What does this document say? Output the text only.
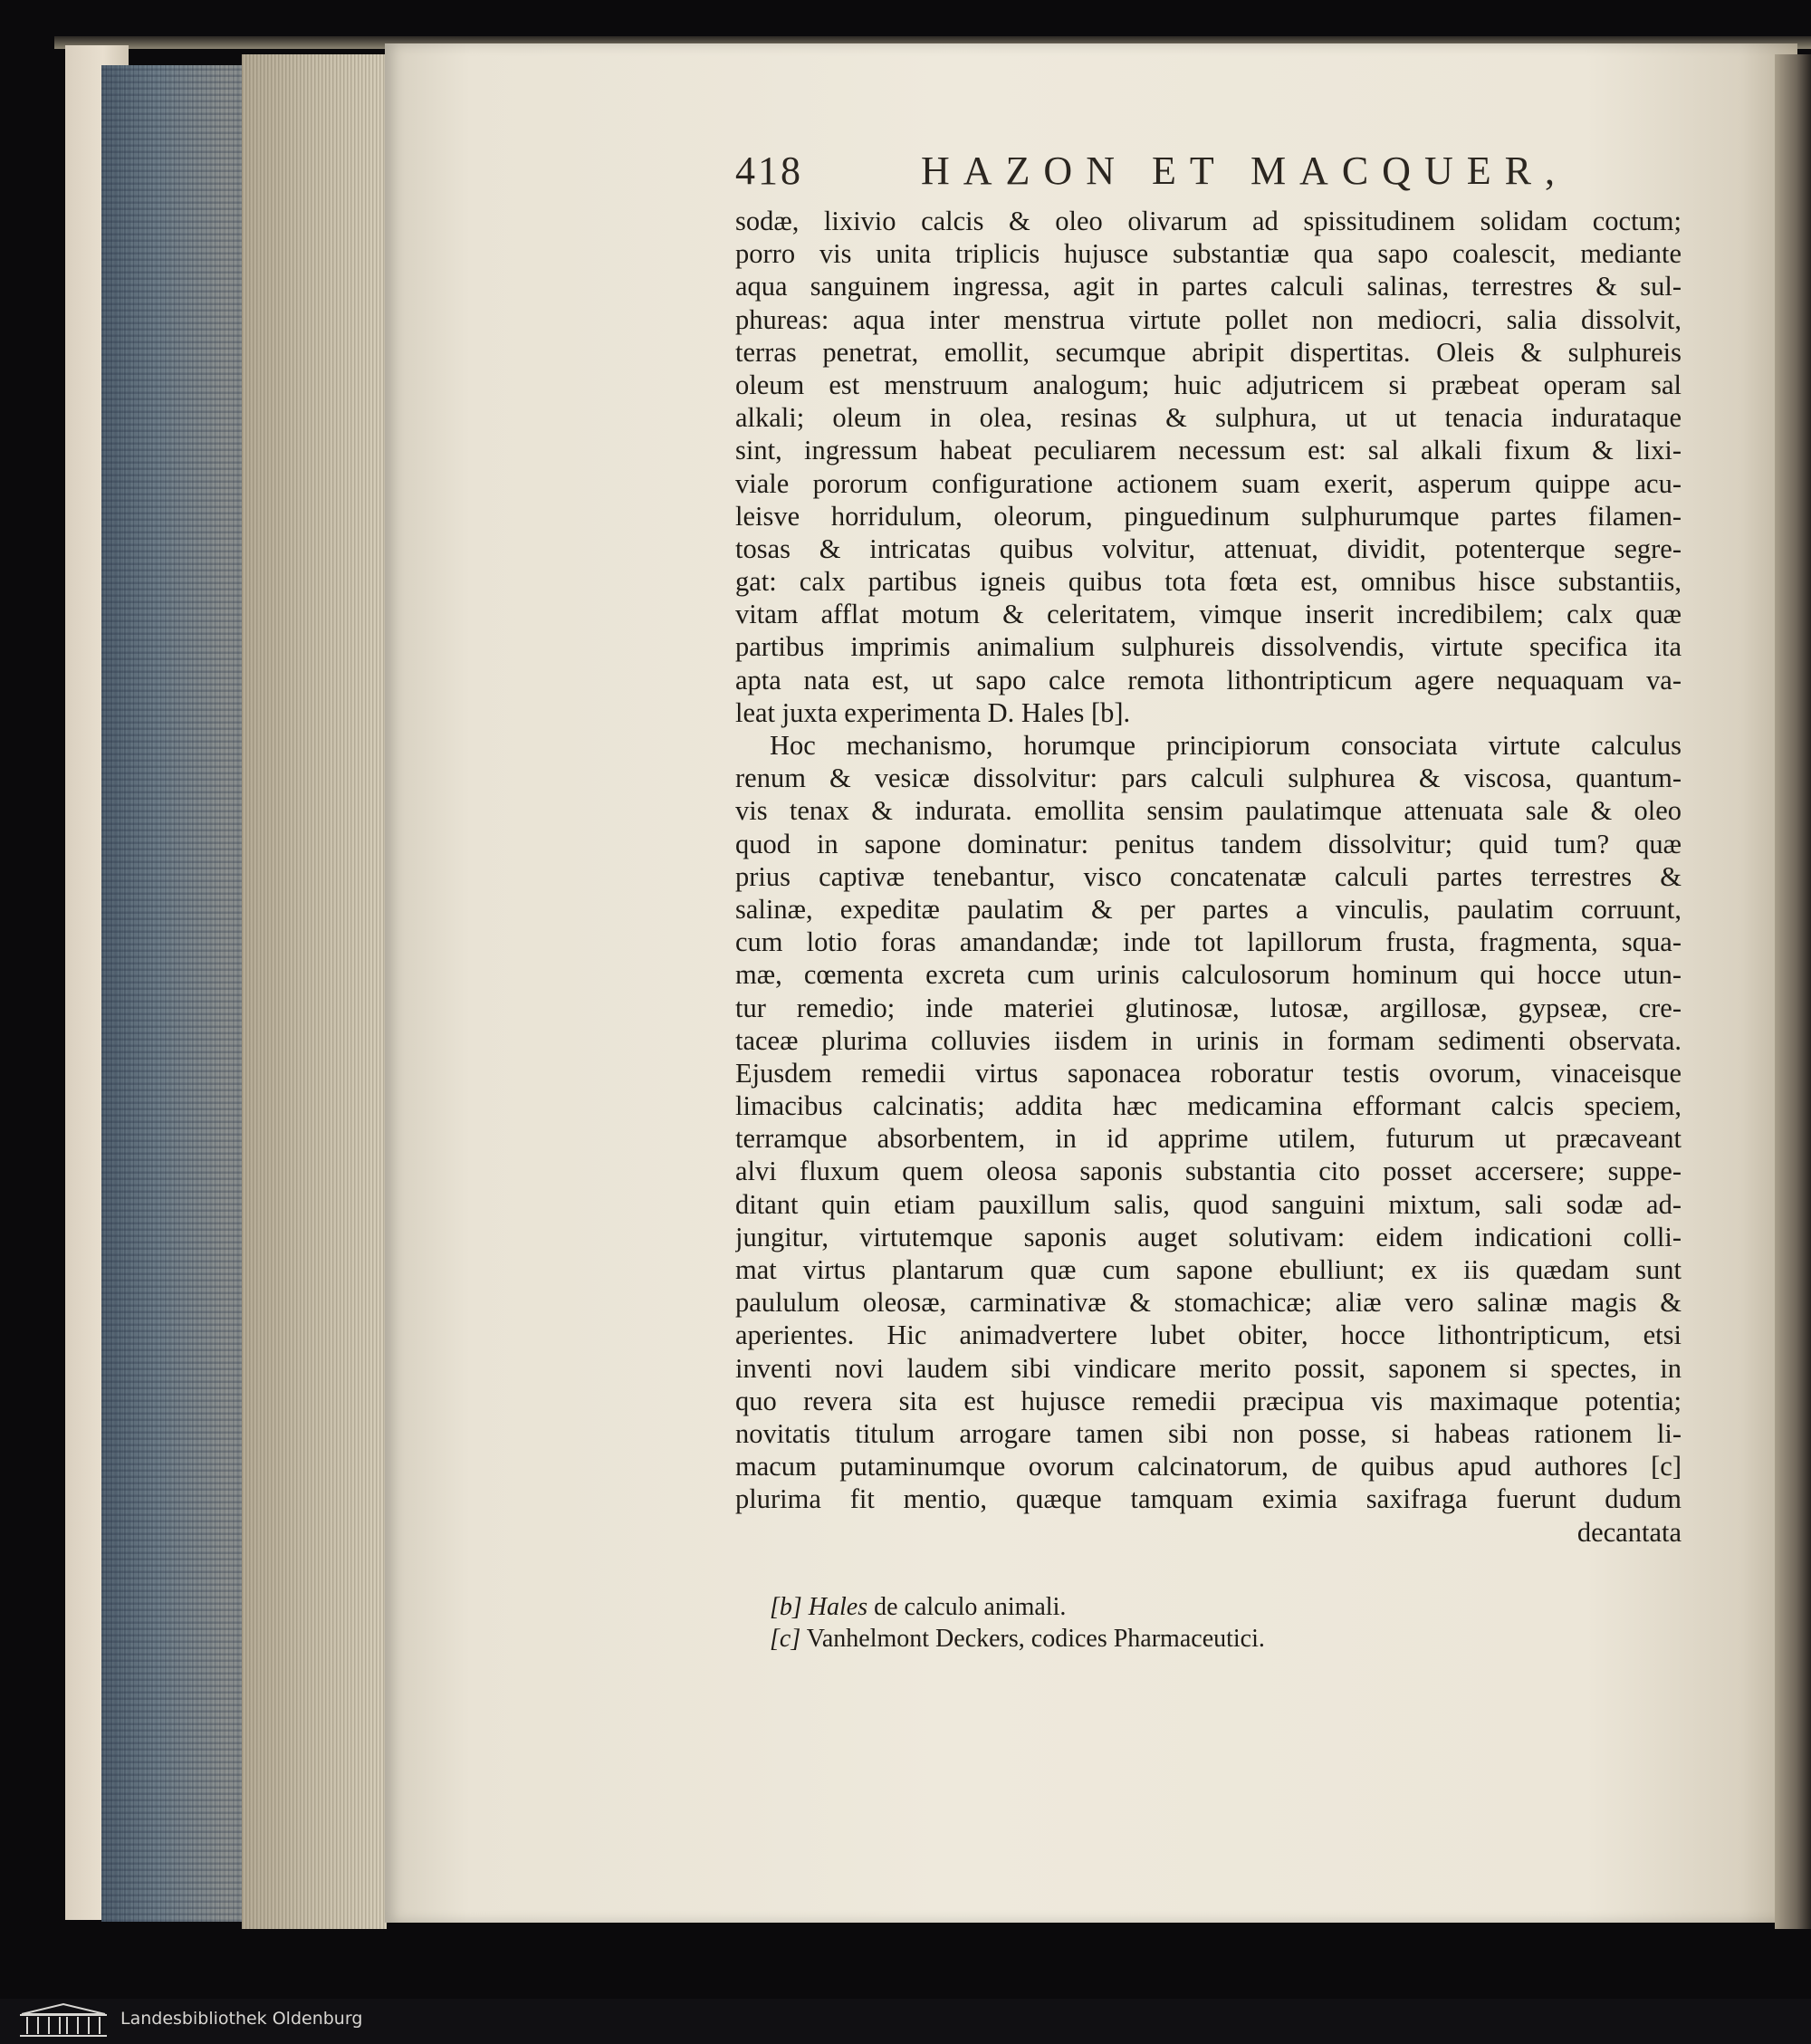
418	HAZON ET MACQUER,
sodæ, lixivio calcis & oleo olivarum ad spissitudinem solidam coctum;
porro vis unita triplicis hujusce substantiæ qua sapo coalescit, mediante
aqua sanguinem ingressa, agit in partes calculi salinas, terrestres & sul-
phureas: aqua inter menstrua virtute pollet non mediocri, salia dissolvit,
terras penetrat, emollit, secumque abripit dispertitas. Oleis & sulphureis
oleum est menstruum analogum; huic adjutricem si præbeat operam sal
alkali; oleum in olea, resinas & sulphura, ut ut tenacia indurataque
sint, ingressum habeat peculiarem necessum est: sal alkali fixum & lixi-
viale pororum configuratione actionem suam exerit, asperum quippe acu-
leisve horridulum, oleorum, pinguedinum sulphurumque partes filamen-
tosas & intricatas quibus volvitur, attenuat, dividit, potenterque segre-
gat: calx partibus igneis quibus tota fœta est, omnibus hisce substantiis,
vitam afflat motum & celeritatem, vimque inserit incredibilem; calx quæ
partibus imprimis animalium sulphureis dissolvendis, virtute specifica ita
apta nata est, ut sapo calce remota lithontripticum agere nequaquam va-
leat juxta experimenta D. Hales [b].
Hoc mechanismo, horumque principiorum consociata virtute calculus
renum & vesicæ dissolvitur: pars calculi sulphurea & viscosa, quantum-
vis tenax & indurata. emollita sensim paulatimque attenuata sale & oleo
quod in sapone dominatur: penitus tandem dissolvitur; quid tum? quæ
prius captivæ tenebantur, visco concatenatæ calculi partes terrestres &
salinæ, expeditæ paulatim & per partes a vinculis, paulatim corruunt,
cum lotio foras amandandæ; inde tot lapillorum frusta, fragmenta, squa-
mæ, cœmenta excreta cum urinis calculosorum hominum qui hocce utun-
tur remedio; inde materiei glutinosæ, lutosæ, argillosæ, gypseæ, cre-
taceæ plurima colluvies iisdem in urinis in formam sedimenti observata.
Ejusdem remedii virtus saponacea roboratur testis ovorum, vinaceisque
limacibus calcinatis; addita hæc medicamina efformant calcis speciem,
terramque absorbentem, in id apprime utilem, futurum ut præcaveant
alvi fluxum quem oleosa saponis substantia cito posset accersere; suppe-
ditant quin etiam pauxillum salis, quod sanguini mixtum, sali sodæ ad-
jungitur, virtutemque saponis auget solutivam: eidem indicationi colli-
mat virtus plantarum quæ cum sapone ebulliunt; ex iis quædam sunt
paululum oleosæ, carminativæ & stomachicæ; aliæ vero salinæ magis &
aperientes. Hic animadvertere lubet obiter, hocce lithontripticum, etsi
inventi novi laudem sibi vindicare merito possit, saponem si spectes, in
quo revera sita est hujusce remedii præcipua vis maximaque potentia;
novitatis titulum arrogare tamen sibi non posse, si habeas rationem li-
macum putaminumque ovorum calcinatorum, de quibus apud authores [c]
plurima fit mentio, quæque tamquam eximia saxifraga fuerunt dudum
decantata
[b] Hales de calculo animali.
[c] Vanhelmont Deckers, codices Pharmaceutici.
Landesbibliothek Oldenburg
